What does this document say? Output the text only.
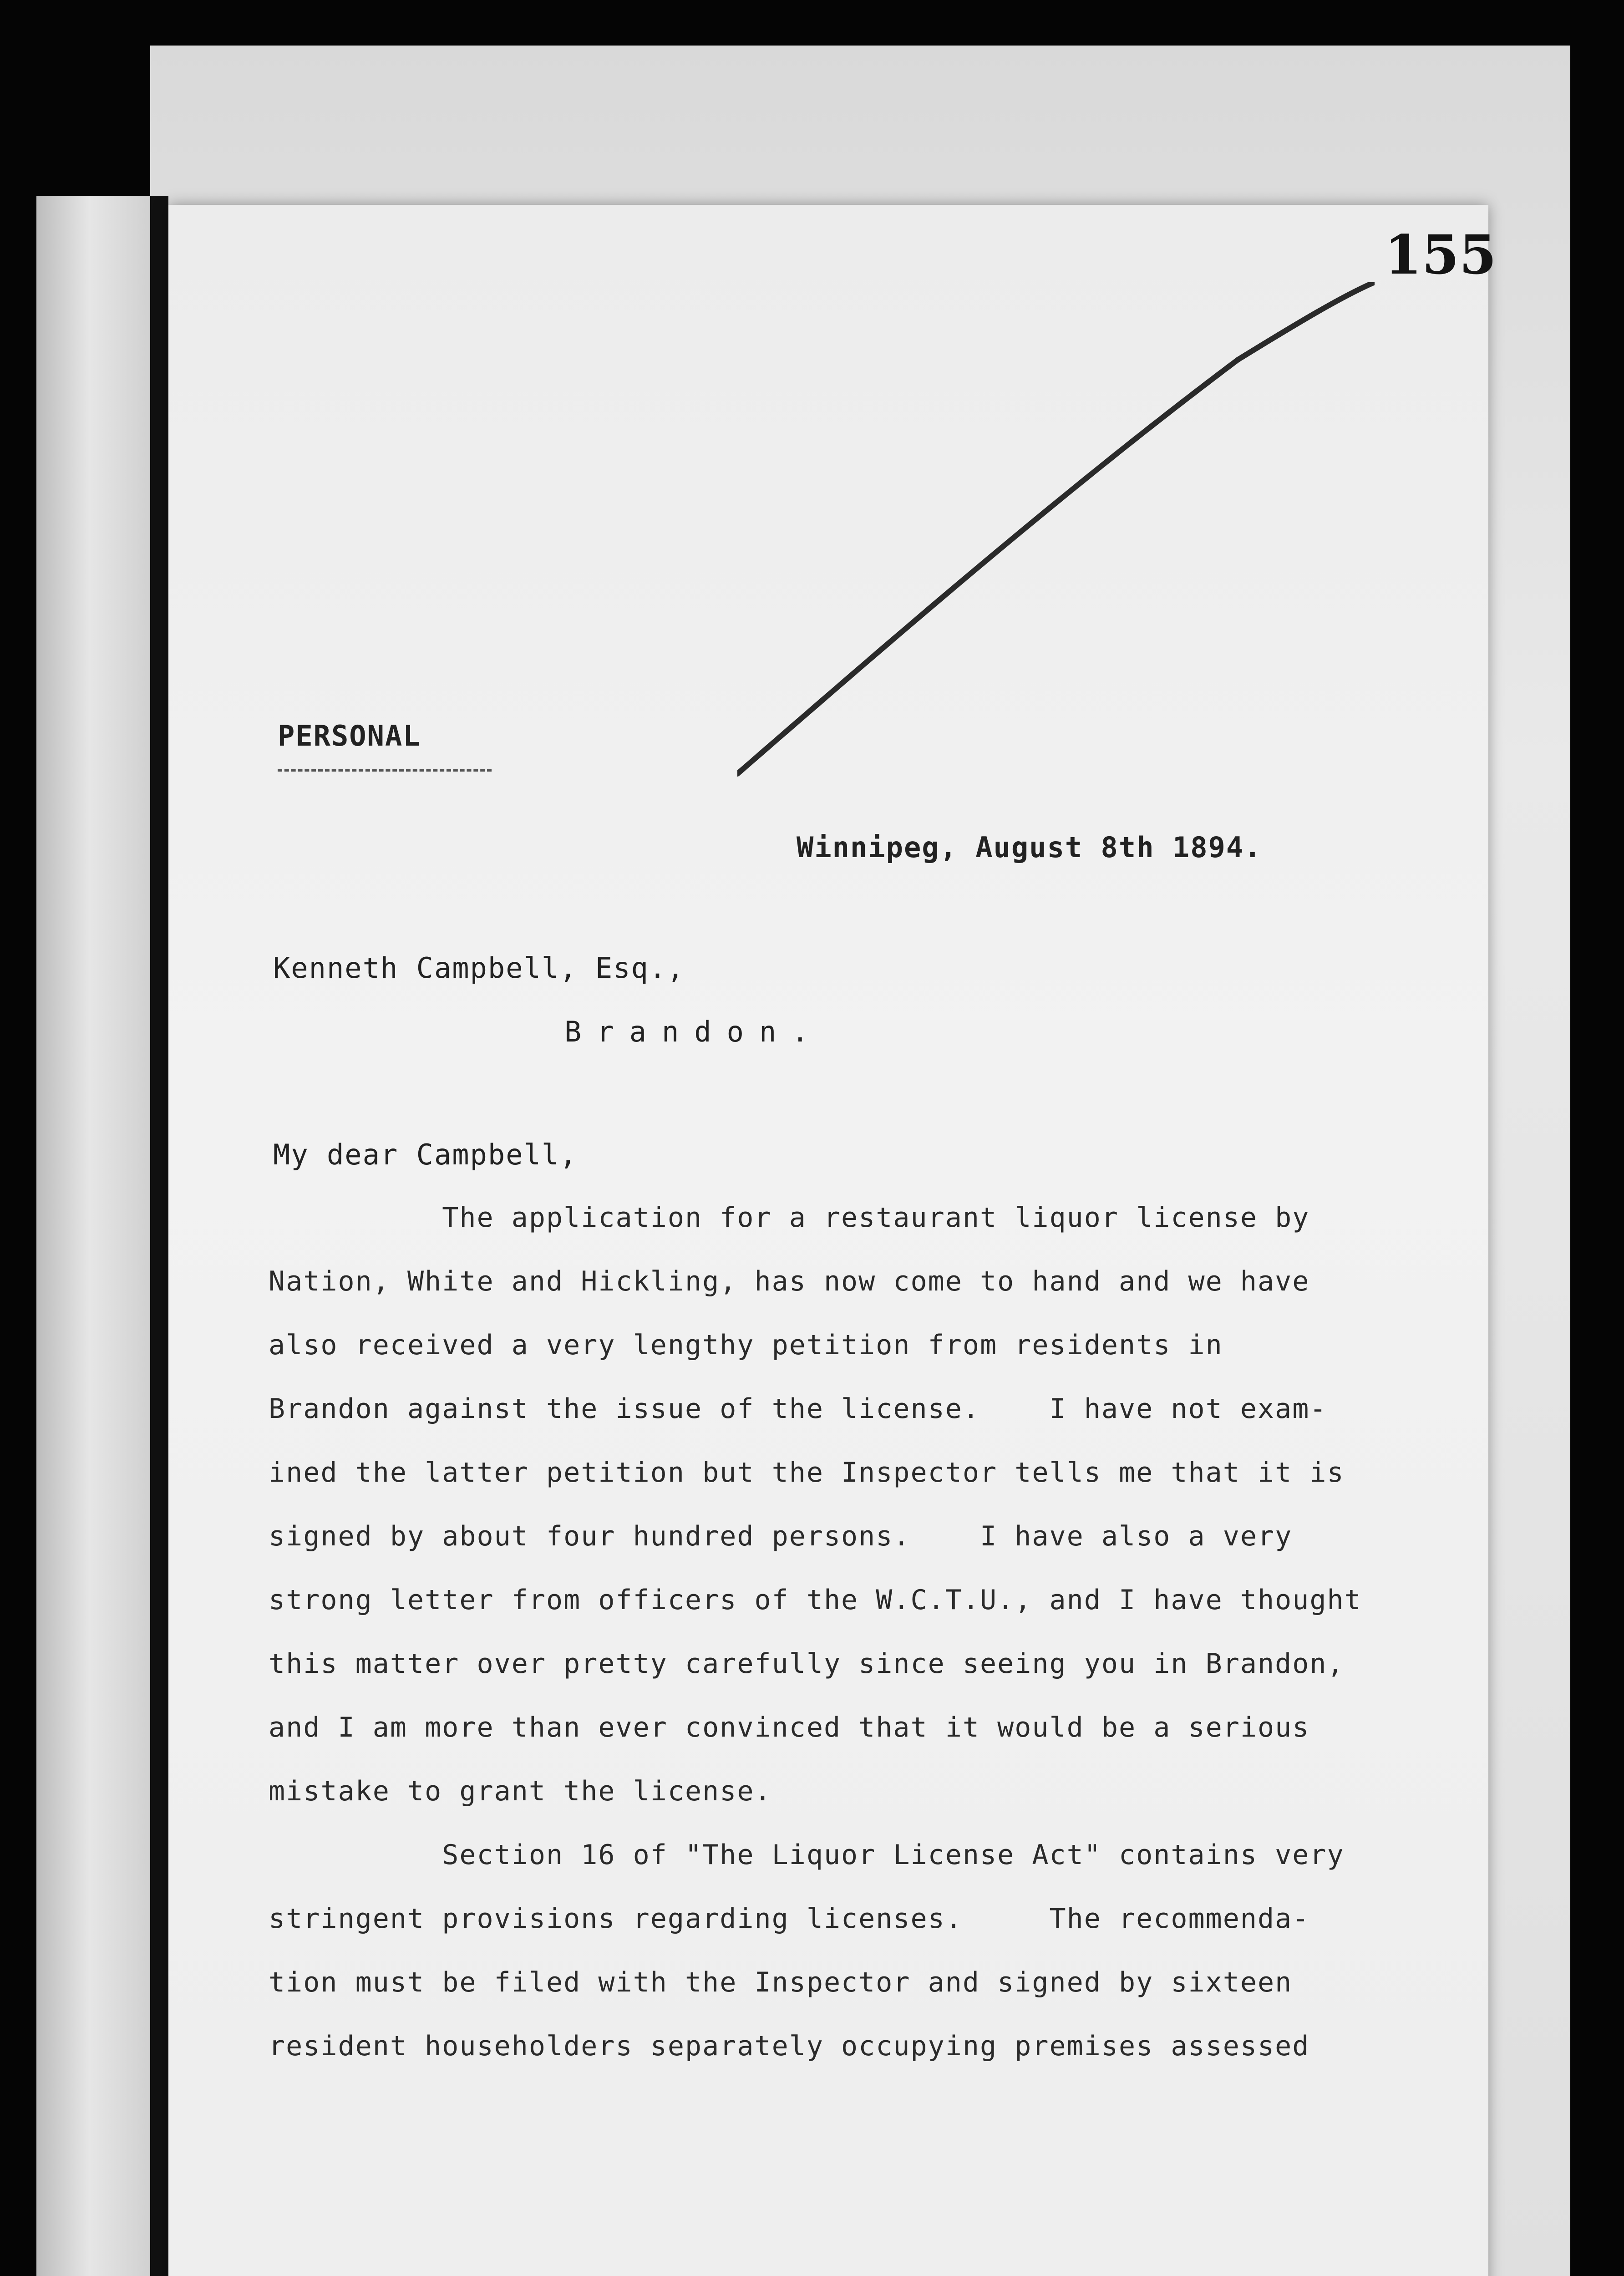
155
PERSONAL
Winnipeg, August 8th 1894.
Kenneth Campbell, Esq.,
Brandon.
My dear Campbell,
The application for a restaurant liquor license by
Nation, White and Hickling, has now come to hand and we have
also received a very lengthy petition from residents in
Brandon against the issue of the license.    I have not exam-
ined the latter petition but the Inspector tells me that it is
signed by about four hundred persons.    I have also a very
strong letter from officers of the W.C.T.U., and I have thought
this matter over pretty carefully since seeing you in Brandon,
and I am more than ever convinced that it would be a serious
mistake to grant the license.
Section 16 of "The Liquor License Act" contains very
stringent provisions regarding licenses.     The recommenda-
tion must be filed with the Inspector and signed by sixteen
resident householders separately occupying premises assessed
